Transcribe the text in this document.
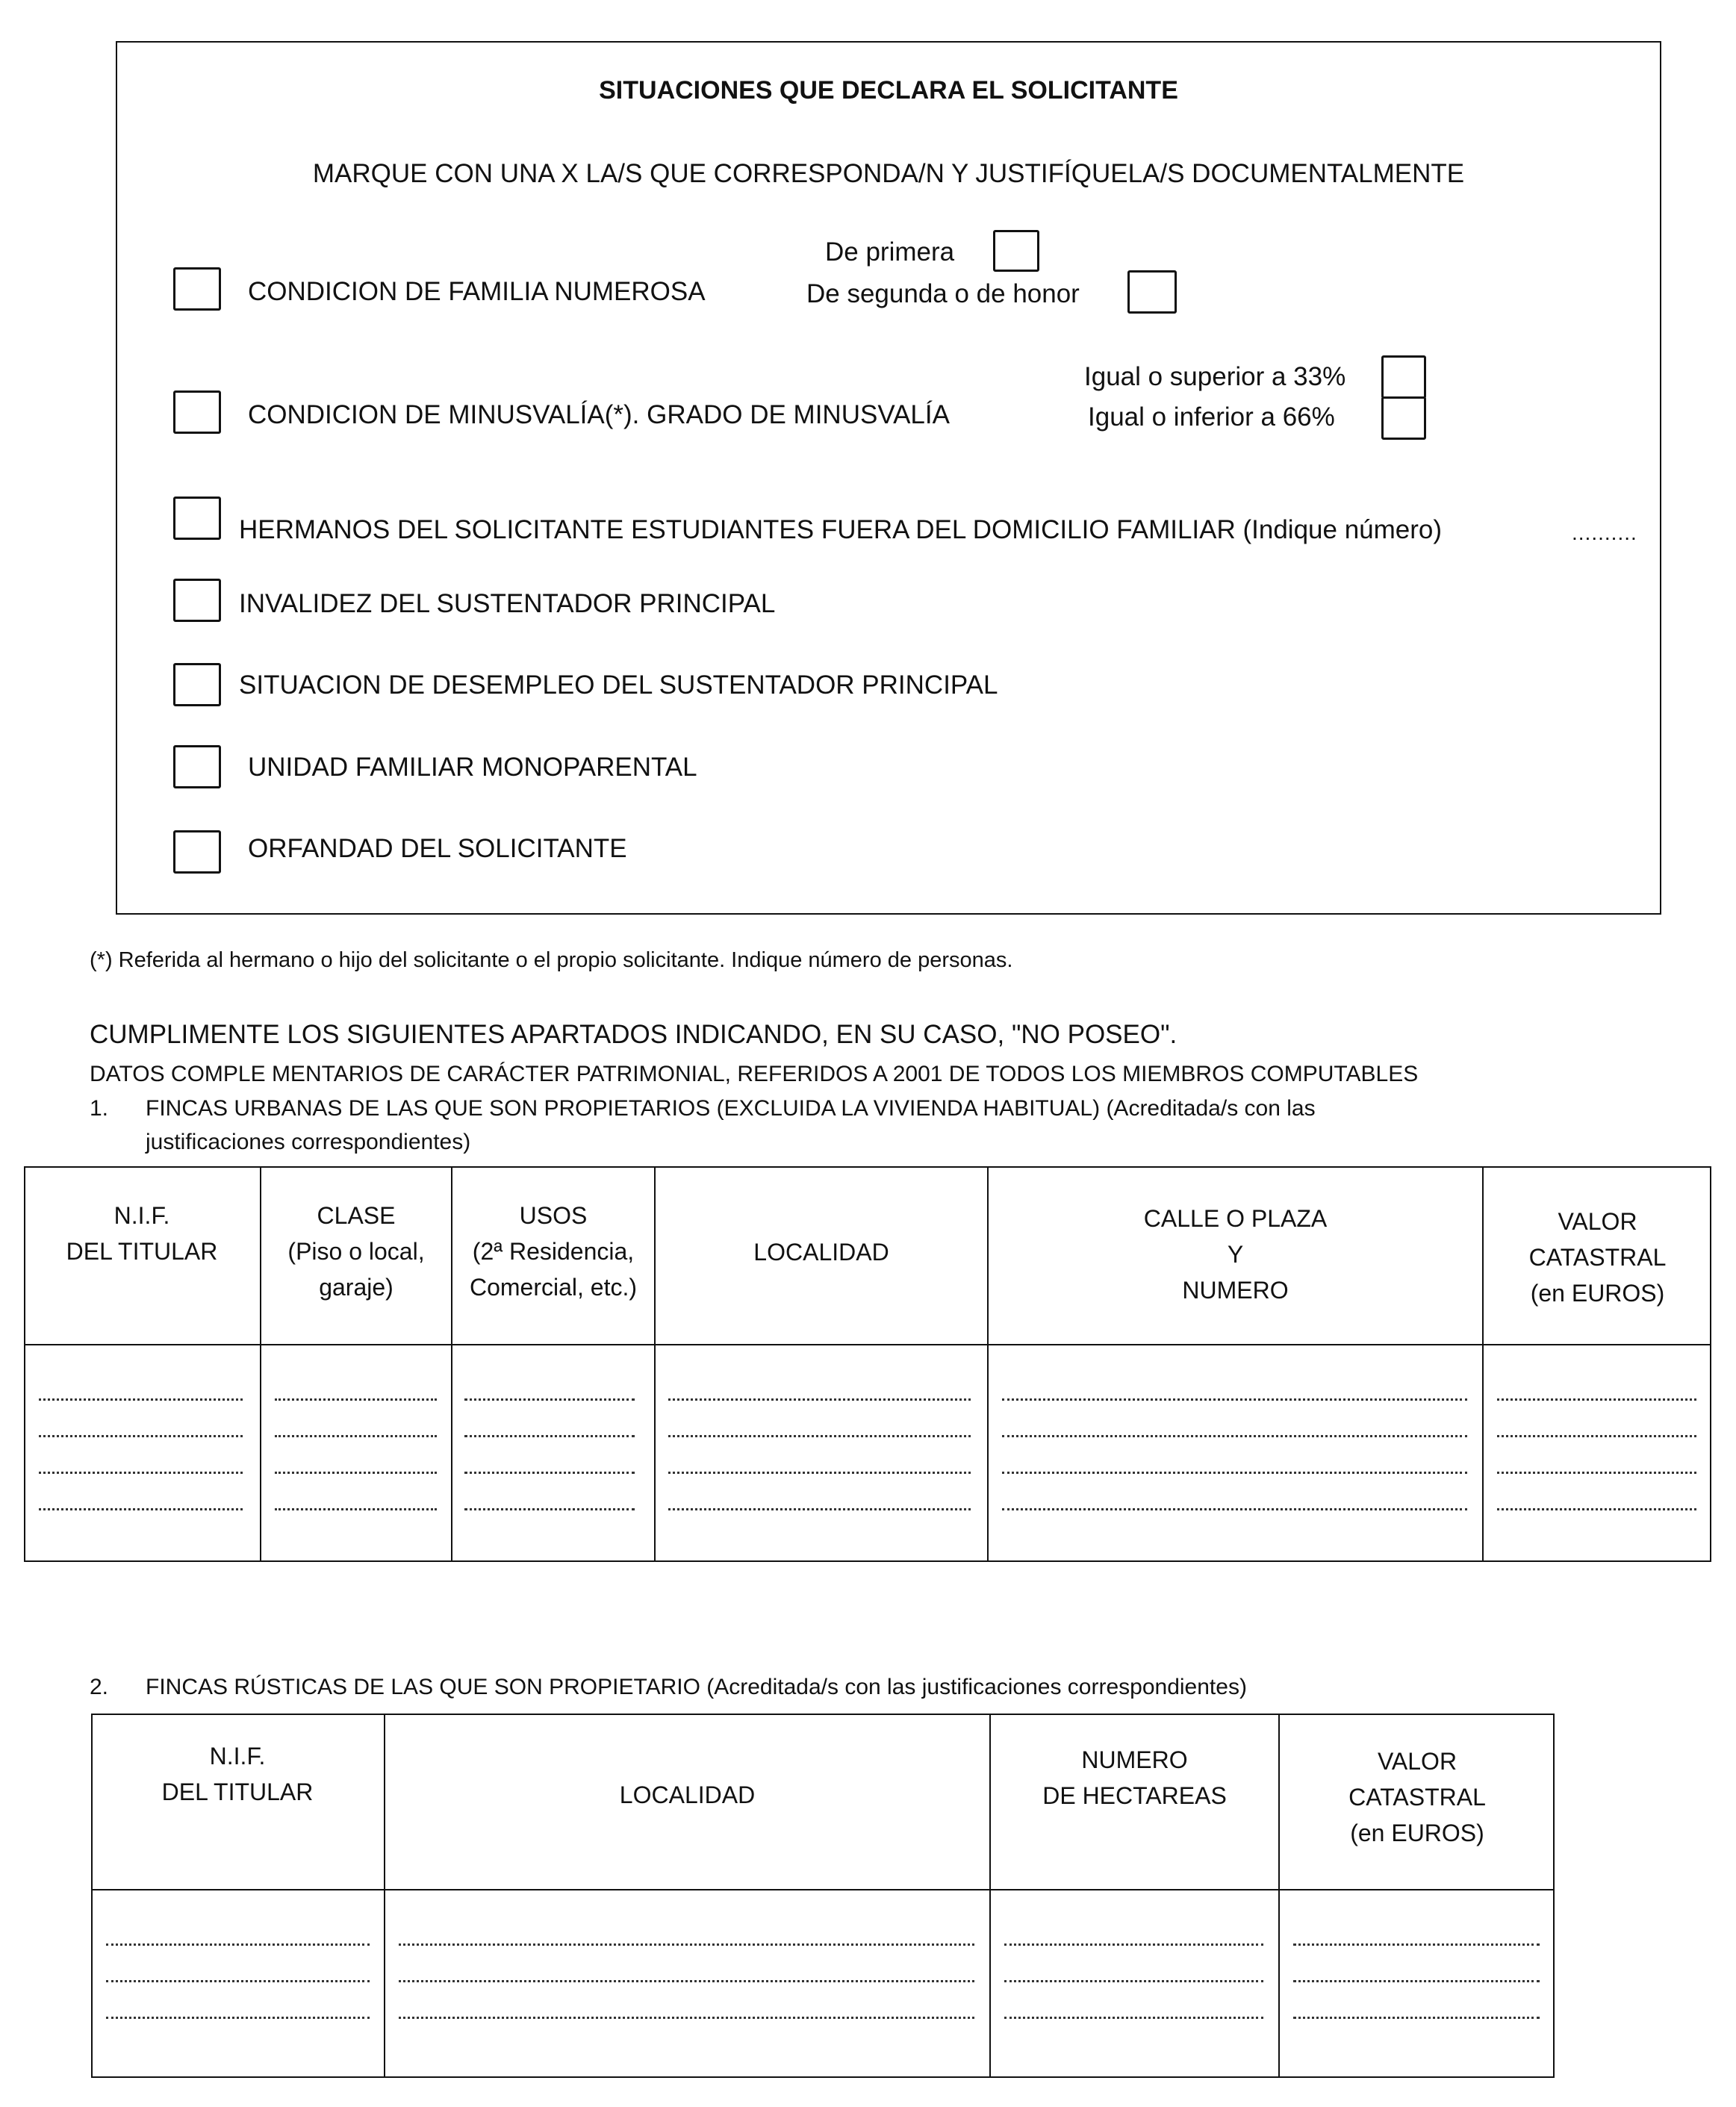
SITUACIONES QUE DECLARA EL SOLICITANTE
MARQUE CON UNA X LA/S QUE CORRESPONDA/N Y JUSTIFÍQUELA/S DOCUMENTALMENTE
CONDICION DE FAMILIA NUMEROSA
De primera
De segunda o de honor
CONDICION DE MINUSVALÍA(*). GRADO DE MINUSVALÍA
Igual o superior a 33%
Igual o inferior a 66%
HERMANOS DEL SOLICITANTE ESTUDIANTES FUERA DEL DOMICILIO FAMILIAR (Indique número)	..........
INVALIDEZ DEL SUSTENTADOR PRINCIPAL
SITUACION DE DESEMPLEO DEL SUSTENTADOR PRINCIPAL
UNIDAD FAMILIAR MONOPARENTAL
ORFANDAD DEL SOLICITANTE
(*) Referida al hermano o hijo del solicitante o el propio solicitante. Indique número de personas.
CUMPLIMENTE LOS SIGUIENTES APARTADOS INDICANDO, EN SU CASO, "NO POSEO".
DATOS COMPLE MENTARIOS DE CARÁCTER PATRIMONIAL, REFERIDOS A 2001 DE TODOS LOS MIEMBROS COMPUTABLES
1. FINCAS URBANAS DE LAS QUE SON PROPIETARIOS (EXCLUIDA LA VIVIENDA HABITUAL) (Acreditada/s con las
justificaciones correspondientes)
N.I.F.
DEL TITULAR
CLASE
(Piso o local,
garaje)
USOS
(2ª Residencia,
Comercial, etc.)
LOCALIDAD
CALLE O PLAZA
Y
NUMERO
VALOR
CATASTRAL
(en EUROS)
2. FINCAS RÚSTICAS DE LAS QUE SON PROPIETARIO (Acreditada/s con las justificaciones correspondientes)
N.I.F.
DEL TITULAR	LOCALIDAD
NUMERO
DE HECTAREAS
VALOR
CATASTRAL
(en EUROS)
